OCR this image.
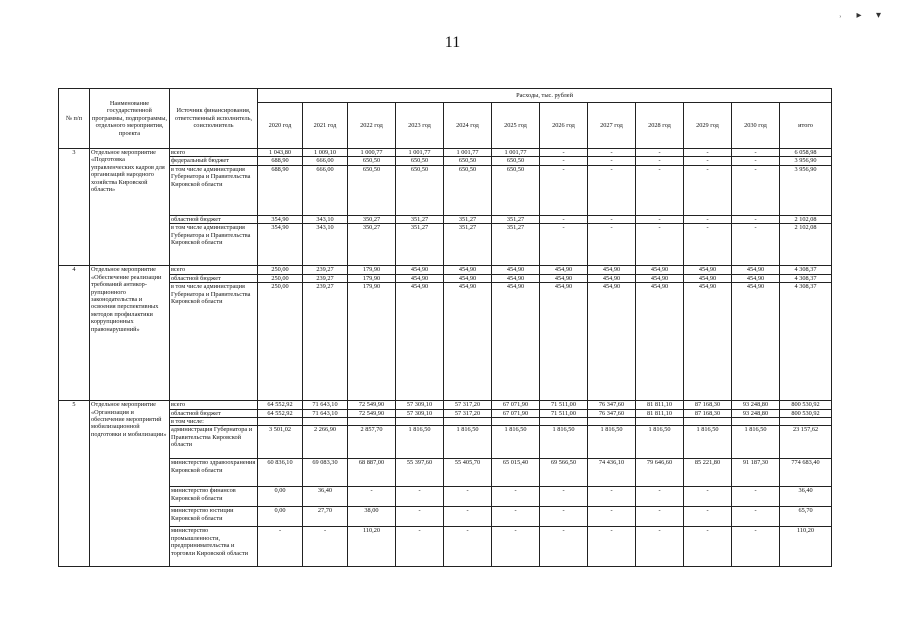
11
˒ ▸ ▾
№ п/п	Наименование государственной программы, подпрограммы, отдельного мероприятия, проекта	Источник финансирования, ответственный исполнитель, соисполнитель	Расходы, тыс. рублей											
			2020 год	2021 год	2022 год	2023 год	2024 год	2025 год	2026 год	2027 год	2028 год	2029 год	2030 год	итого
3	Отдельное мероприятие «Подготовка управленческих кадров для организаций народного хозяйства Кировской области»	всего	1 043,80	1 009,10	1 000,77	1 001,77	1 001,77	1 001,77	-	-	-	-	-	6 058,98
		федеральный бюджет	688,90	666,00	650,50	650,50	650,50	650,50	-	-	-	-	-	3 956,90
		в том числе администрация Губернатора и Правительства Кировской области	688,90	666,00	650,50	650,50	650,50	650,50	-	-	-	-	-	3 956,90
		областной бюджет	354,90	343,10	350,27	351,27	351,27	351,27	-	-	-	-	-	2 102,08
		в том числе администрация Губернатора и Правительства Кировской области	354,90	343,10	350,27	351,27	351,27	351,27	-	-	-	-	-	2 102,08
4	Отдельное мероприятие «Обеспечение реализации требований антикор-рупционного законодательства и освоения перспективных методов профилактики коррупционных правонарушений»	всего	250,00	239,27	179,90	454,90	454,90	454,90	454,90	454,90	454,90	454,90	454,90	4 308,37
		областной бюджет	250,00	239,27	179,90	454,90	454,90	454,90	454,90	454,90	454,90	454,90	454,90	4 308,37
		в том числе администрация Губернатора и Правительства Кировской области	250,00	239,27	179,90	454,90	454,90	454,90	454,90	454,90	454,90	454,90	454,90	4 308,37
5	Отдельное мероприятие «Организация и обеспечение мероприятий мобилизационной подготовки и мобилизации»	всего	64 552,92	71 643,10	72 549,90	57 309,10	57 317,20	67 071,90	71 511,00	76 347,60	81 811,10	87 168,30	93 248,80	800 530,92
		областной бюджет	64 552,92	71 643,10	72 549,90	57 309,10	57 317,20	67 071,90	71 511,00	76 347,60	81 811,10	87 168,30	93 248,80	800 530,92
		в том числе:												
		администрация Губернатора и Правительства Кировской области	3 501,02	2 266,90	2 857,70	1 816,50	1 816,50	1 816,50	1 816,50	1 816,50	1 816,50	1 816,50	1 816,50	23 157,62
		министерство здравоохранения Кировской области	60 836,10	69 083,30	68 887,00	55 397,60	55 405,70	65 015,40	69 566,50	74 436,10	79 646,60	85 221,80	91 187,30	774 683,40
		министерство финансов Кировской области	0,00	36,40	-	-	-	-	-	-	-	-	-	36,40
		министерство юстиции Кировской области	0,00	27,70	38,00	-	-	-	-	-	-	-	-	65,70
		министерство промышленности, предпринимательства и торговли Кировской области	-	-	110,20	-	-	-	-	-	-	-	-	110,20
